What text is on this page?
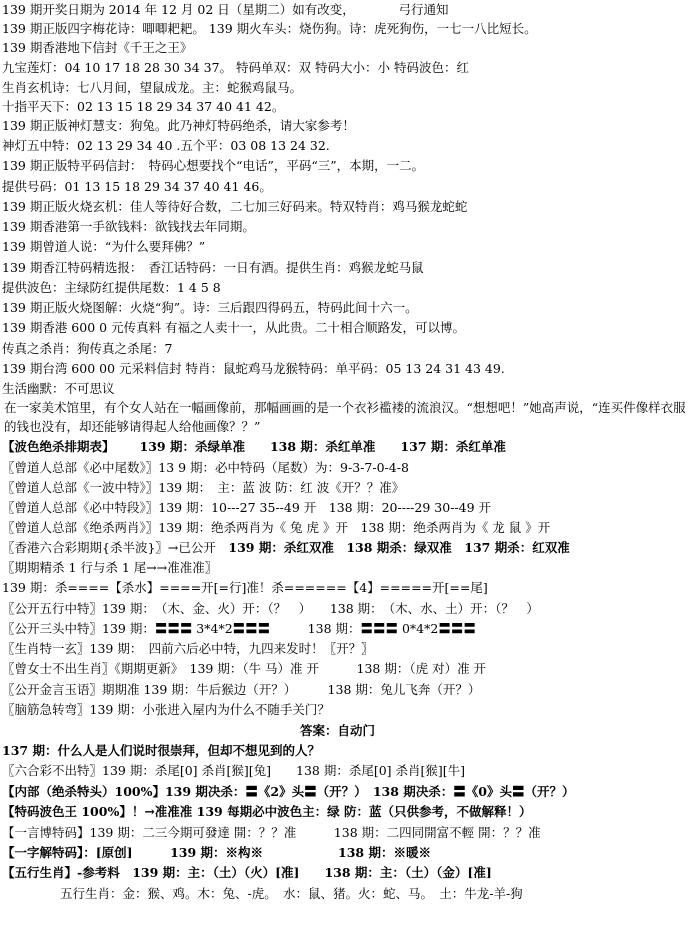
139 期开奖日期为 2014 年 12 月 02 日（星期二）如有改变，　　　　弓行通知
139 期正版四字梅花诗：唧唧耙耙。 139 期火车头：烧伤狗。诗：虎死狗伤，一七一八比短长。
139 期香港地下信封《千王之王》
九宝莲灯：04 10 17 18 28 30 34 37。 特码单双：双 特码大小：小 特码波色：红
生肖玄机诗：七八月间，望鼠成龙。主：蛇猴鸡鼠马。
十指平天下：02 13 15 18 29 34 37 40 41 42。
139 期正版神灯慧支：狗兔。此乃神灯特码绝杀，请大家参考！
神灯五中特：02 13 29 34 40 .五个平：03 08 13 24 32.
139 期正版特平码信封：　特码心想要找个“电话”，平码“三”，本期，一二。
提供号码：01 13 15 18 29 34 37 40 41 46。
139 期正版火烧玄机：佳人等待好合数，二七加三好码来。特双特肖：鸡马猴龙蛇蛇
139 期香港第一手欲钱料：欲钱找去年同期。
139 期曾道人说：“为什么要拜佛？”
139 期香江特码精选报：　香江话特码：一日有酒。提供生肖：鸡猴龙蛇马鼠
提供波色：主绿防红提供尾数：1 4 5 8
139 期正版火烧图解：火烧“狗”。诗：三后跟四得码五，特码此间十六一。
139 期香港 600 0 元传真料 有福之人卖十一，从此贵。二十相合顺路发，可以博。
传真之杀肖：狗传真之杀尾：7
139 期台湾 600 00 元采料信封 特肖：鼠蛇鸡马龙猴特码：单平码：05 13 24 31 43 49.
生活幽默：不可思议
在一家美术馆里，有个女人站在一幅画像前，那幅画画的是一个衣衫褴褛的流浪汉。“想想吧！”她高声说，“连买件像样衣服的钱也没有，却还能够请得起人给他画像？？”
【波色绝杀排期表】　　139 期：杀绿单准　　138 期：杀红单准　　137 期：杀红单准
〖曾道人总部《必中尾数》〗13 9 期：必中特码（尾数）为：9-3-7-0-4-8
〖曾道人总部《一波中特》〗139 期：　主：蓝 波 防：红 波《开？？准》
〖曾道人总部《必中特段》〗139 期：10---27 35--49 开　138 期：20----29 30--49 开
〖曾道人总部《绝杀两肖》〗139 期：绝杀两肖为《 兔 虎 》开　138 期：绝杀两肖为《 龙 鼠 》开
〖香港六合彩期期{杀半波}〗→已公开　139 期：杀红双准　138 期杀：绿双准　137 期杀：红双准
〖期期精杀 1 行与杀 1 尾→→准准准〗
139 期：杀====【杀水】====开[=行]准！杀======【4】=====开[==尾]
〖公开五行中特〗139 期：　（木、金、火）开：（？　）　　138 期：　（木、水、土）开：（？　）
〖公开三头中特〗139 期：〓〓〓 3*4*2〓〓〓　　　138 期：〓〓〓 0*4*2〓〓〓
〖生肖特一玄〗139 期：　四前六后必中特，九四来发时！〖开？〗
〖曾女士不出生肖〗《期期更新》　139 期：（牛 马）准 开　　　138 期：（虎 对）准 开
〖公开金言玉语〗期期准 139 期：牛后猴边（开？）　　　138 期：兔儿飞奔（开？）
〖脑筋急转弯〗139 期：小张进入屋内为什么不随手关门？
答案：自动门
137 期：什么人是人们说时很崇拜，但却不想见到的人？
〖六合彩不出特〗139 期：杀尾[0] 杀肖[猴][兔]　　138 期：杀尾[0] 杀肖[猴][牛]
【内部（绝杀特头）100%】139 期决杀：〓《2》头〓（开？）　138 期决杀：〓《0》头〓（开？）
【特码波色王 100%】！→准准准 139 每期必中波色主：绿 防：蓝（只供参考，不做解释！）
【一言博特码】139 期：二三今期可發達 開：？？准　　　138 期：二四同開富不輕 開：？？准
【一字解特码】：[原创]　　　139 期：※构※　　　　　　138 期：※暖※
【五行生肖】-参考料　139 期：主：（土）（火）[准]　　138 期：主：（土）（金）[准]
五行生肖：金：猴、鸡。木：兔、-虎。　水：鼠、猪。火：蛇、马。　土：牛龙-羊-狗
